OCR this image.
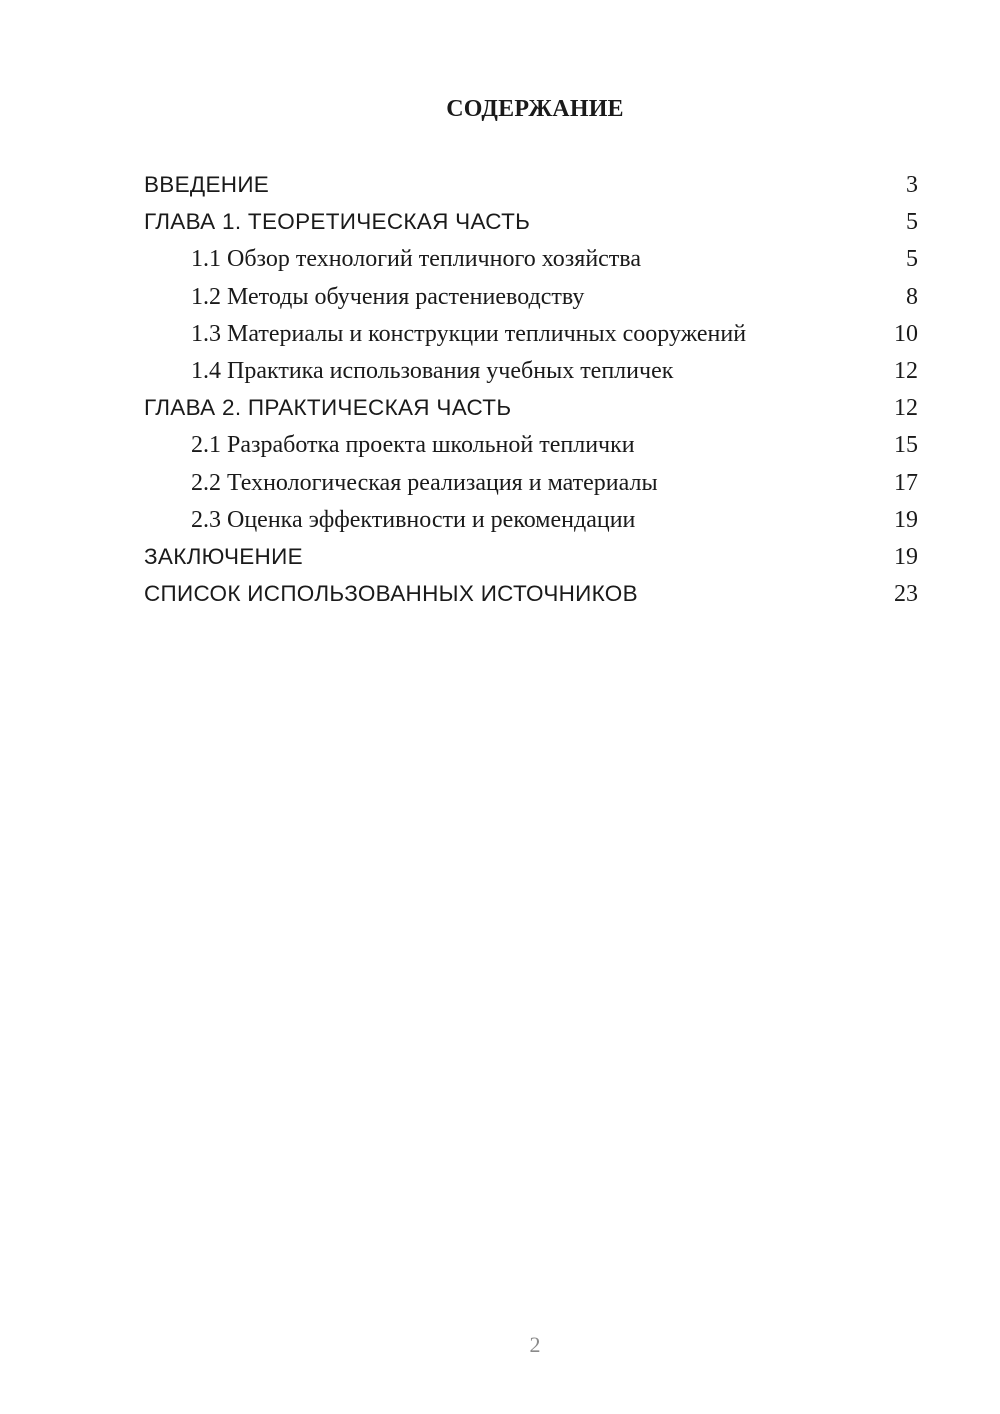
СОДЕРЖАНИЕ
ВВЕДЕНИЕ	3
ГЛАВА 1. ТЕОРЕТИЧЕСКАЯ ЧАСТЬ	5
1.1 Обзор технологий тепличного хозяйства	5
1.2 Методы обучения растениеводству	8
1.3 Материалы и конструкции тепличных сооружений	10
1.4 Практика использования учебных тепличек	12
ГЛАВА 2. ПРАКТИЧЕСКАЯ ЧАСТЬ	12
2.1 Разработка проекта школьной теплички	15
2.2 Технологическая реализация и материалы	17
2.3 Оценка эффективности и рекомендации	19
ЗАКЛЮЧЕНИЕ	19
СПИСОК ИСПОЛЬЗОВАННЫХ ИСТОЧНИКОВ	23
2
